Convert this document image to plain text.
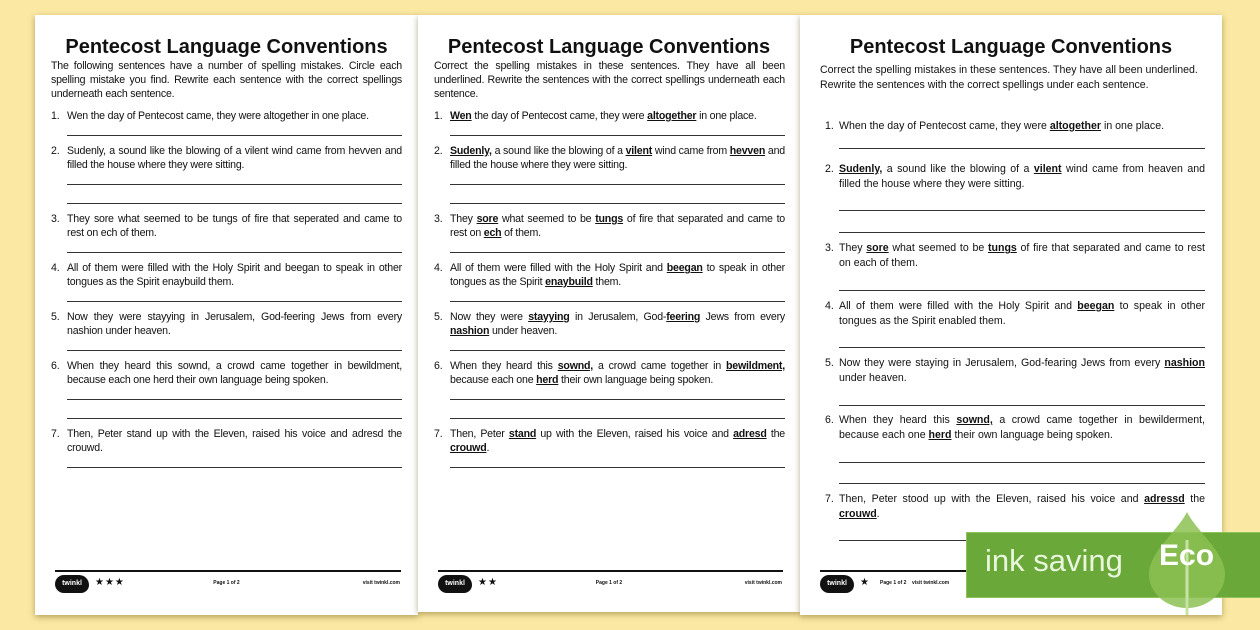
Pentecost Language Conventions
The following sentences have a number of spelling mistakes. Circle each spelling mistake you find. Rewrite each sentence with the correct spellings underneath each sentence.
1. Wen the day of Pentecost came, they were altogether in one place.
2. Sudenly, a sound like the blowing of a vilent wind came from hevven and filled the house where they were sitting.
3. They sore what seemed to be tungs of fire that seperated and came to rest on ech of them.
4. All of them were filled with the Holy Spirit and beegan to speak in other tongues as the Spirit enaybuild them.
5. Now they were stayying in Jerusalem, God-feering Jews from every nashion under heaven.
6. When they heard this sownd, a crowd came together in bewildment, because each one herd their own language being spoken.
7. Then, Peter stand up with the Eleven, raised his voice and adresd the crouwd.
twinkl	★★★	Page 1 of 2	visit twinkl.com
Pentecost Language Conventions
Correct the spelling mistakes in these sentences. They have all been underlined. Rewrite the sentences with the correct spellings underneath each sentence.
1. Wen the day of Pentecost came, they were altogether in one place.
2. Sudenly, a sound like the blowing of a vilent wind came from hevven and filled the house where they were sitting.
3. They sore what seemed to be tungs of fire that separated and came to rest on ech of them.
4. All of them were filled with the Holy Spirit and beegan to speak in other tongues as the Spirit enaybuild them.
5. Now they were stayying in Jerusalem, God-feering Jews from every nashion under heaven.
6. When they heard this sownd, a crowd came together in bewildment, because each one herd their own language being spoken.
7. Then, Peter stand up with the Eleven, raised his voice and adresd the crouwd.
twinkl	★★	Page 1 of 2	visit twinkl.com
Pentecost Language Conventions
Correct the spelling mistakes in these sentences. They have all been underlined.
Rewrite the sentences with the correct spellings under each sentence.
1. When the day of Pentecost came, they were altogether in one place.
2. Sudenly, a sound like the blowing of a vilent wind came from heaven and
filled the house where they were sitting.
3. They sore what seemed to be tungs of fire that separated and came to rest
on each of them.
4. All of them were filled with the Holy Spirit and beegan to speak in other
tongues as the Spirit enabled them.
5. Now they were staying in Jerusalem, God-fearing Jews from every nashion
under heaven.
6. When they heard this sownd, a crowd came together in bewilderment,
because each one herd their own language being spoken.
7. Then, Peter stood up with the Eleven, raised his voice and adressd the
crouwd.
twinkl	★ Page 1 of 2 visit twinkl.com
ink saving Eco
